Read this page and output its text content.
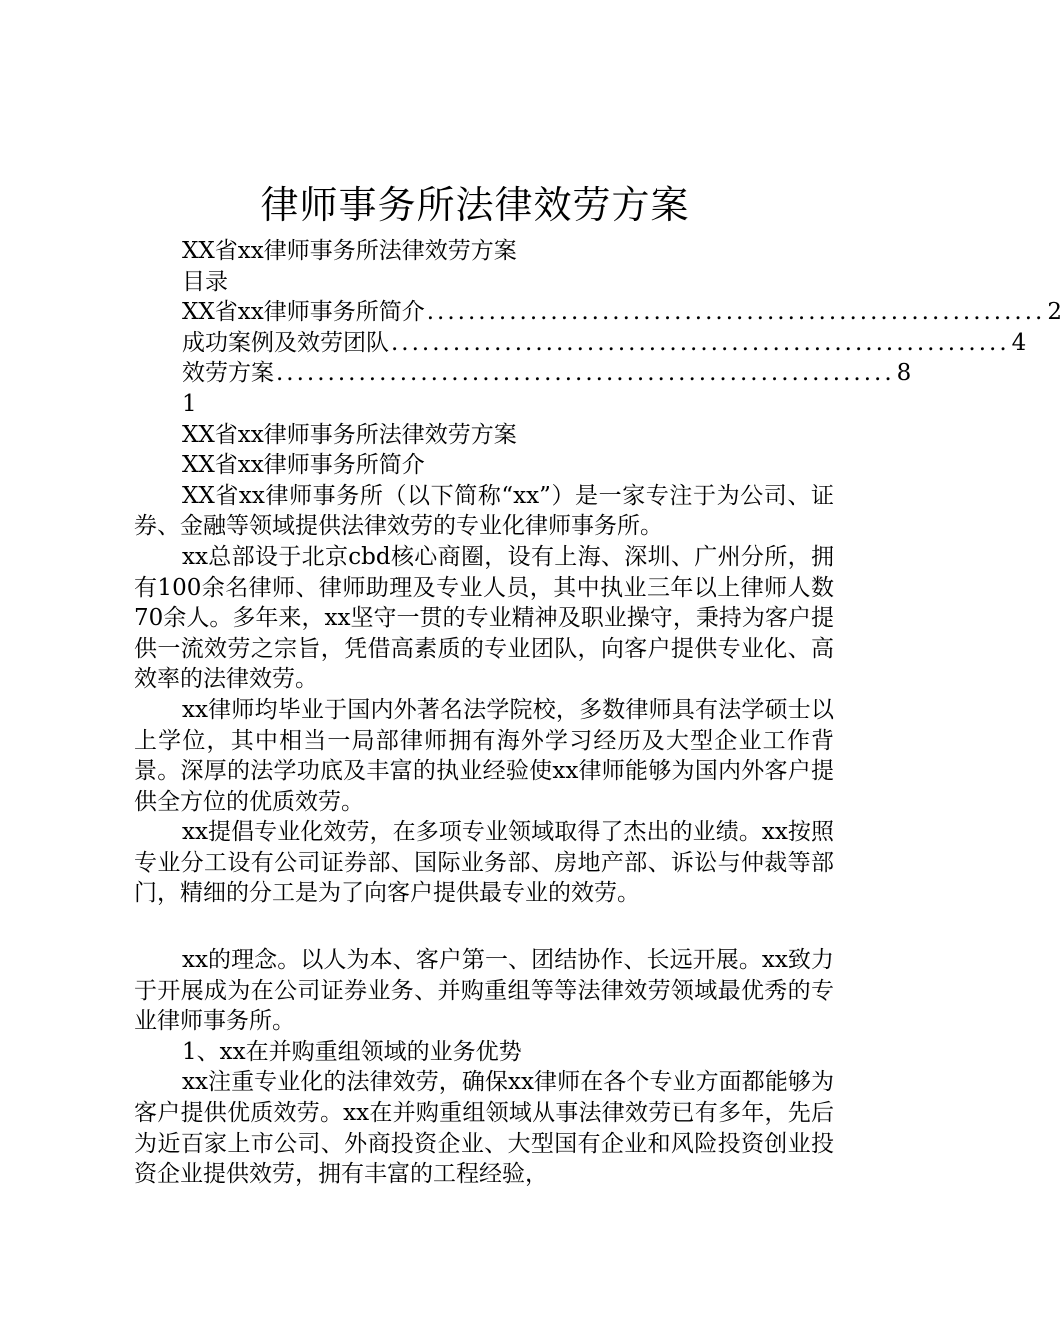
律师事务所法律效劳方案
XX省xx律师事务所法律效劳方案
目录
XX省xx律师事务所简介 ............................................................ 2
成功案例及效劳团队 ............................................................ 4
效劳方案 ............................................................ 8
1
XX省xx律师事务所法律效劳方案
XX省xx律师事务所简介
XX省xx律师事务所（以下简称“xx”）是一家专注于为公司、证券、金融等领域提供法律效劳的专业化律师事务所。
xx总部设于北京cbd核心商圈，设有上海、深圳、广州分所，拥有100余名律师、律师助理及专业人员，其中执业三年以上律师人数70余人。多年来，xx坚守一贯的专业精神及职业操守，秉持为客户提供一流效劳之宗旨，凭借高素质的专业团队，向客户提供专业化、高效率的法律效劳。
xx律师均毕业于国内外著名法学院校，多数律师具有法学硕士以上学位，其中相当一局部律师拥有海外学习经历及大型企业工作背景。深厚的法学功底及丰富的执业经验使xx律师能够为国内外客户提供全方位的优质效劳。
xx提倡专业化效劳，在多项专业领域取得了杰出的业绩。xx按照专业分工设有公司证券部、国际业务部、房地产部、诉讼与仲裁等部门，精细的分工是为了向客户提供最专业的效劳。
xx的理念。以人为本、客户第一、团结协作、长远开展。xx致力于开展成为在公司证券业务、并购重组等等法律效劳领域最优秀的专业律师事务所。
1、xx在并购重组领域的业务优势
xx注重专业化的法律效劳，确保xx律师在各个专业方面都能够为客户提供优质效劳。xx在并购重组领域从事法律效劳已有多年，先后为近百家上市公司、外商投资企业、大型国有企业和风险投资创业投资企业提供效劳，拥有丰富的工程经验，
